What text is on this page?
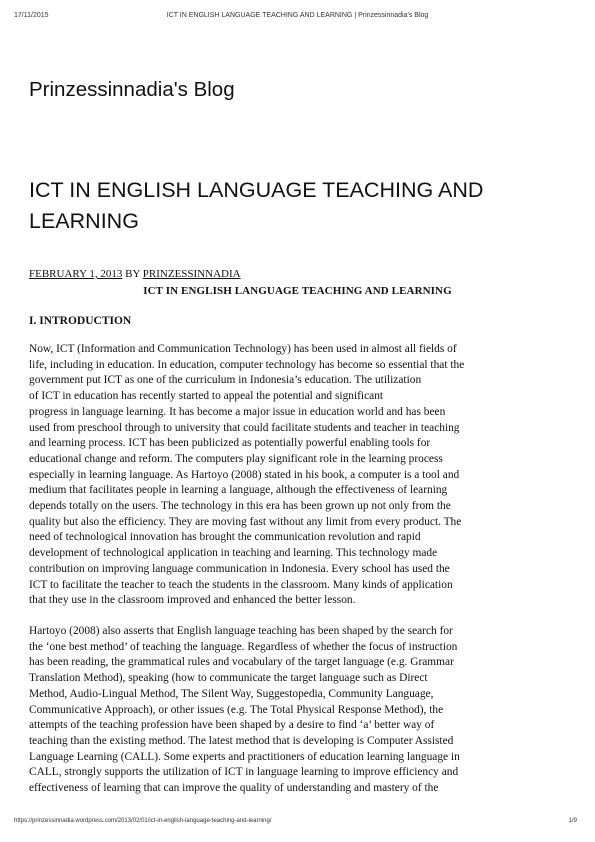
17/11/2015	ICT IN ENGLISH LANGUAGE TEACHING AND LEARNING | Prinzessinnadia's Blog
Prinzessinnadia's Blog
ICT IN ENGLISH LANGUAGE TEACHING AND LEARNING
FEBRUARY 1, 2013 BY PRINZESSINNADIA

ICT IN ENGLISH LANGUAGE TEACHING AND LEARNING

I. INTRODUCTION

Now, ICT (Information and Communication Technology) has been used in almost all fields of
life, including in education. In education, computer technology has become so essential that the
government put ICT as one of the curriculum in Indonesia’s education. The utilization
of ICT in education has recently started to appeal the potential and significant
progress in language learning. It has become a major issue in education world and has been
used from preschool through to university that could facilitate students and teacher in teaching
and learning process. ICT has been publicized as potentially powerful enabling tools for
educational change and reform. The computers play significant role in the learning process
especially in learning language. As Hartoyo (2008) stated in his book, a computer is a tool and
medium that facilitates people in learning a language, although the effectiveness of learning
depends totally on the users. The technology in this era has been grown up not only from the
quality but also the efficiency. They are moving fast without any limit from every product. The
need of technological innovation has brought the communication revolution and rapid
development of technological application in teaching and learning. This technology made
contribution on improving language communication in Indonesia. Every school has used the
ICT to facilitate the teacher to teach the students in the classroom. Many kinds of application
that they use in the classroom improved and enhanced the better lesson.

Hartoyo (2008) also asserts that English language teaching has been shaped by the search for
the ‘one best method’ of teaching the language. Regardless of whether the focus of instruction
has been reading, the grammatical rules and vocabulary of the target language (e.g. Grammar
Translation Method), speaking (how to communicate the target language such as Direct
Method, Audio-Lingual Method, The Silent Way, Suggestopedia, Community Language,
Communicative Approach), or other issues (e.g. The Total Physical Response Method), the
attempts of the teaching profession have been shaped by a desire to find ‘a’ better way of
teaching than the existing method. The latest method that is developing is Computer Assisted
Language Learning (CALL). Some experts and practitioners of education learning language in
CALL, strongly supports the utilization of ICT in language learning to improve efficiency and
effectiveness of learning that can improve the quality of understanding and mastery of the

https://prinzessinnadia.wordpress.com/2013/02/01/ict-in-english-language-teaching-and-learning/	1/9
